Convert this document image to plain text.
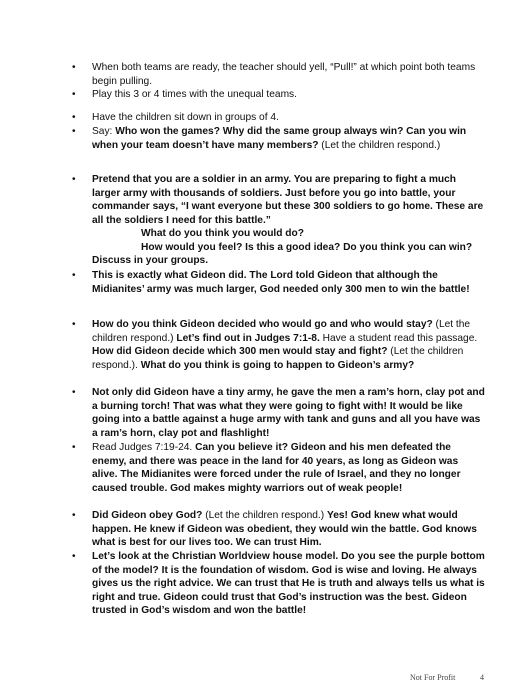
• When both teams are ready, the teacher should yell, “Pull!” at which point both teams begin pulling.
• Play this 3 or 4 times with the unequal teams.
• Have the children sit down in groups of 4.
• Say: Who won the games? Why did the same group always win? Can you win when your team doesn’t have many members? (Let the children respond.)
• Pretend that you are a soldier in an army. You are preparing to fight a much larger army with thousands of soldiers. Just before you go into battle, your commander says, “I want everyone but these 300 soldiers to go home. These are all the soldiers I need for this battle.”
What do you think you would do?
How would you feel? Is this a good idea? Do you think you can win?
Discuss in your groups.
• This is exactly what Gideon did. The Lord told Gideon that although the Midianites’ army was much larger, God needed only 300 men to win the battle!
• How do you think Gideon decided who would go and who would stay? (Let the children respond.) Let’s find out in Judges 7:1-8. Have a student read this passage. How did Gideon decide which 300 men would stay and fight? (Let the children respond.). What do you think is going to happen to Gideon’s army?
• Not only did Gideon have a tiny army, he gave the men a ram’s horn, clay pot and a burning torch! That was what they were going to fight with! It would be like going into a battle against a huge army with tank and guns and all you have was a ram’s horn, clay pot and flashlight!
• Read Judges 7:19-24. Can you believe it? Gideon and his men defeated the enemy, and there was peace in the land for 40 years, as long as Gideon was alive. The Midianites were forced under the rule of Israel, and they no longer caused trouble. God makes mighty warriors out of weak people!
• Did Gideon obey God? (Let the children respond.) Yes! God knew what would happen. He knew if Gideon was obedient, they would win the battle. God knows what is best for our lives too. We can trust Him.
• Let’s look at the Christian Worldview house model. Do you see the purple bottom of the model? It is the foundation of wisdom. God is wise and loving. He always gives us the right advice. We can trust that He is truth and always tells us what is right and true. Gideon could trust that God’s instruction was the best. Gideon trusted in God’s wisdom and won the battle!
Not For Profit	4
